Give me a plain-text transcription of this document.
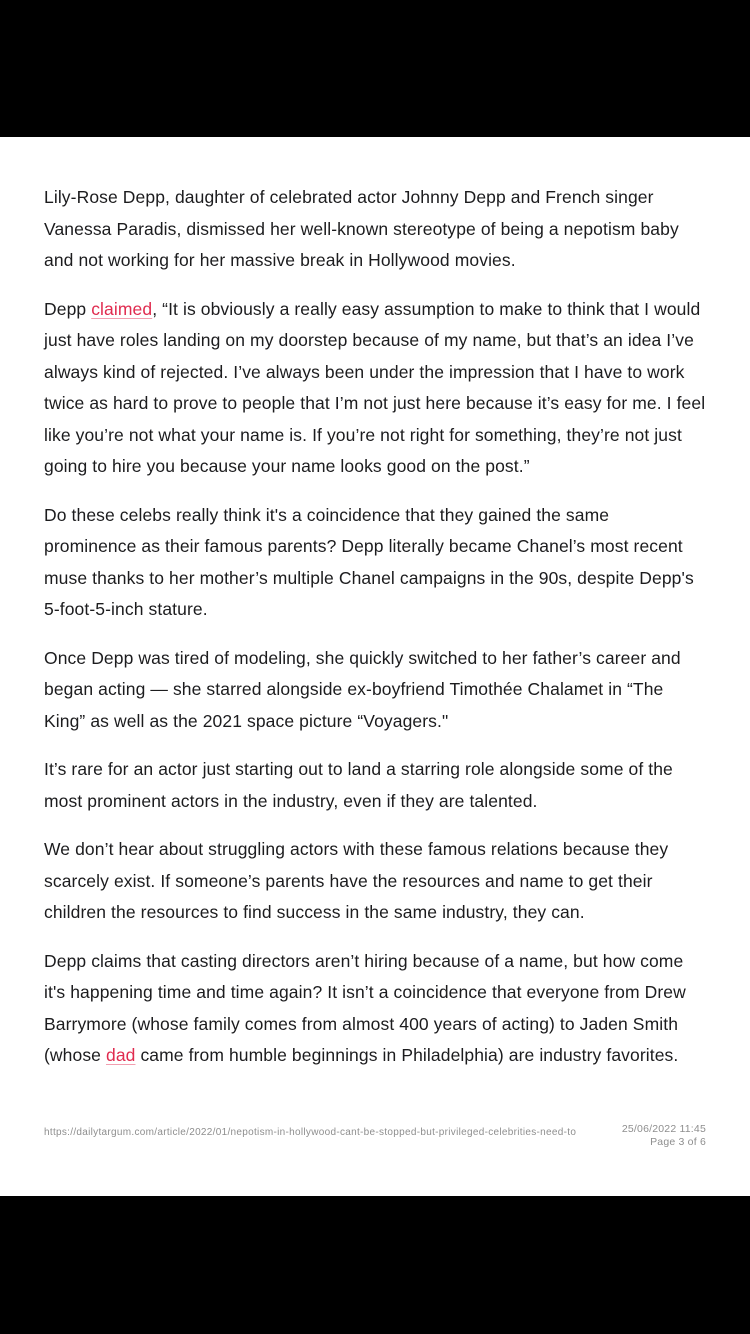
Lily-Rose Depp, daughter of celebrated actor Johnny Depp and French singer Vanessa Paradis, dismissed her well-known stereotype of being a nepotism baby and not working for her massive break in Hollywood movies.

Depp claimed, “It is obviously a really easy assumption to make to think that I would just have roles landing on my doorstep because of my name, but that’s an idea I’ve always kind of rejected. I’ve always been under the impression that I have to work twice as hard to prove to people that I’m not just here because it’s easy for me. I feel like you’re not what your name is. If you’re not right for something, they’re not just going to hire you because your name looks good on the post.”

Do these celebs really think it's a coincidence that they gained the same prominence as their famous parents? Depp literally became Chanel’s most recent muse thanks to her mother’s multiple Chanel campaigns in the 90s, despite Depp's 5-foot-5-inch stature.

Once Depp was tired of modeling, she quickly switched to her father’s career and began acting — she starred alongside ex-boyfriend Timothée Chalamet in “The King” as well as the 2021 space picture “Voyagers."

It’s rare for an actor just starting out to land a starring role alongside some of the most prominent actors in the industry, even if they are talented.

We don’t hear about struggling actors with these famous relations because they scarcely exist. If someone’s parents have the resources and name to get their children the resources to find success in the same industry, they can.

Depp claims that casting directors aren’t hiring because of a name, but how come it's happening time and time again? It isn’t a coincidence that everyone from Drew Barrymore (whose family comes from almost 400 years of acting) to Jaden Smith (whose dad came from humble beginnings in Philadelphia) are industry favorites.

https://dailytargum.com/article/2022/01/nepotism-in-hollywood-cant-be-stopped-but-privileged-celebrities-need-to	25/06/2022 11:45
Page 3 of 6
